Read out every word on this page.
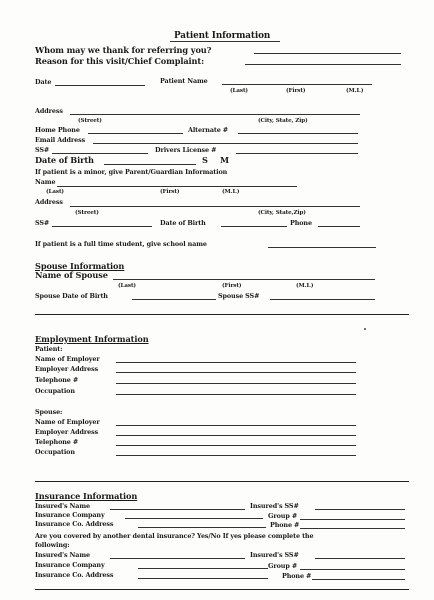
Patient Information
Whom may we thank for referring you?
Reason for this visit/Chief Complaint:
Date	Patient Name
(Last)	(First)	(M.I.)
Address
(Street)	(City, State, Zip)
Home Phone	Alternate #
Email Address
SS#	Drivers License #
Date of Birth	S M
If patient is a minor, give Parent/Guardian Information
Name
(Last)	(First)	(M.I.)
Address
(Street)	(City, State,Zip)
SS#	Date of Birth	Phone
If patient is a full time student, give school name
Spouse Information
Name of Spouse
(Last)	(First)	(M.I.)
Spouse Date of Birth	Spouse SS#
Employment Information
Patient:
Name of Employer
Employer Address
Telephone #
Occupation
Spouse:
Name of Employer
Employer Address
Telephone #
Occupation
Insurance Information
Insured's Name	Insured's SS#
Insurance Company	Group #
Insurance Co. Address	Phone #
Are you covered by another dental insurance? Yes/No If yes please complete the
following:
Insured's Name	Insured's SS#
Insurance Company	Group #
Insurance Co. Address	Phone #
